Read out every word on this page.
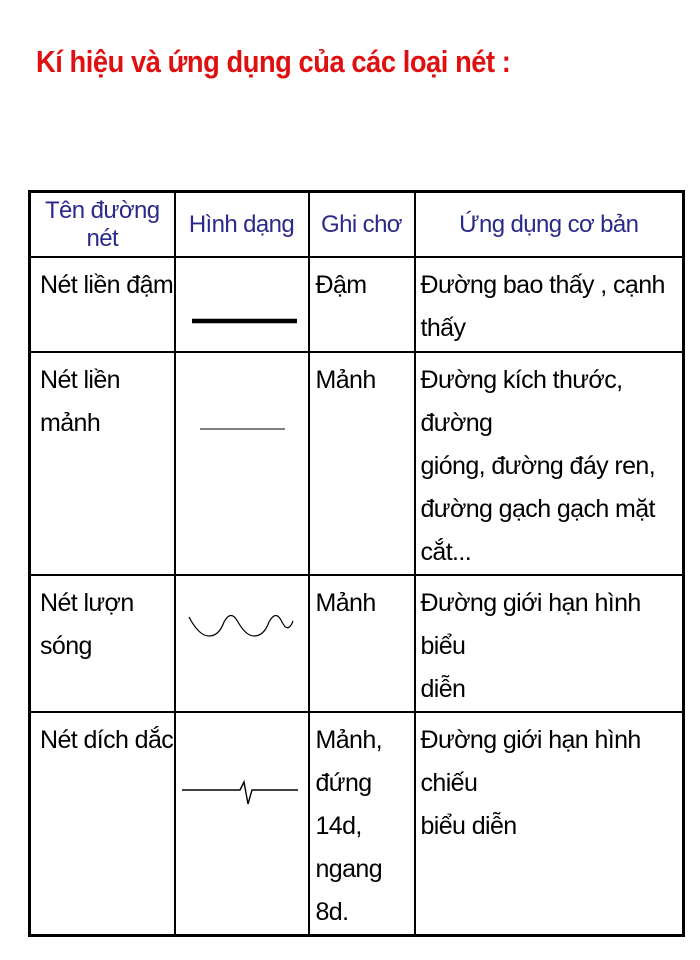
Kí hiệu và ứng dụng của các loại nét :
Tên đường nét	Hình dạng	Ghi chơ	Ứng dụng cơ bản

Nét liền đậm		Đậm	Đường bao thấy , cạnh thấy

Nét liền mảnh		Mảnh	Đường kích thước, đường
gióng, đường đáy ren,
đường gạch gạch mặt cắt...

Nét lượn sóng		Mảnh	Đường giới hạn hình biểu
diễn

Nét dích dắc		Mảnh,
đứng 14d,
ngang 8d.	Đường giới hạn hình chiếu
biểu diễn
